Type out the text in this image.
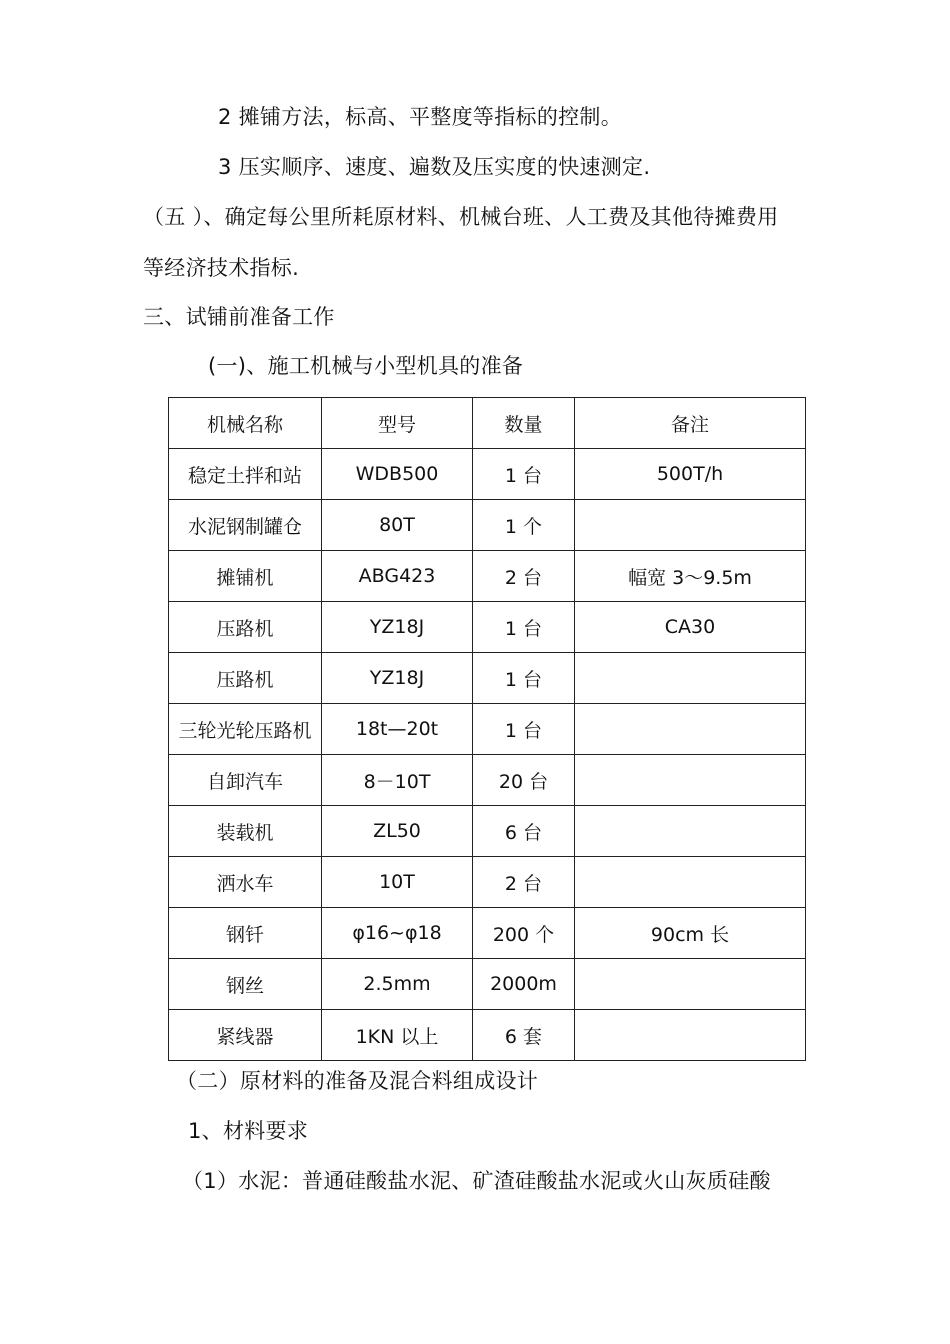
2 摊铺方法，标高、平整度等指标的控制。
3 压实顺序、速度、遍数及压实度的快速测定.
（五 ）、确定每公里所耗原材料、机械台班、人工费及其他待摊费用
等经济技术指标.
三、试铺前准备工作
(一)、施工机械与小型机具的准备
机械名称	型号	数量	备注
稳定土拌和站	WDB500	1 台	500T/h
水泥钢制罐仓	80T	1 个	
摊铺机	ABG423	2 台	幅宽 3～9.5m
压路机	YZ18J	1 台	CA30
压路机	YZ18J	1 台	
三轮光轮压路机	18t—20t	1 台	
自卸汽车	8－10T	20 台	
装载机	ZL50	6 台	
洒水车	10T	2 台	
钢钎	φ16~φ18	200 个	90cm 长
钢丝	2.5mm	2000m	
紧线器	1KN 以上	6 套	
（二）原材料的准备及混合料组成设计
1、材料要求
（1）水泥：普通硅酸盐水泥、矿渣硅酸盐水泥或火山灰质硅酸
